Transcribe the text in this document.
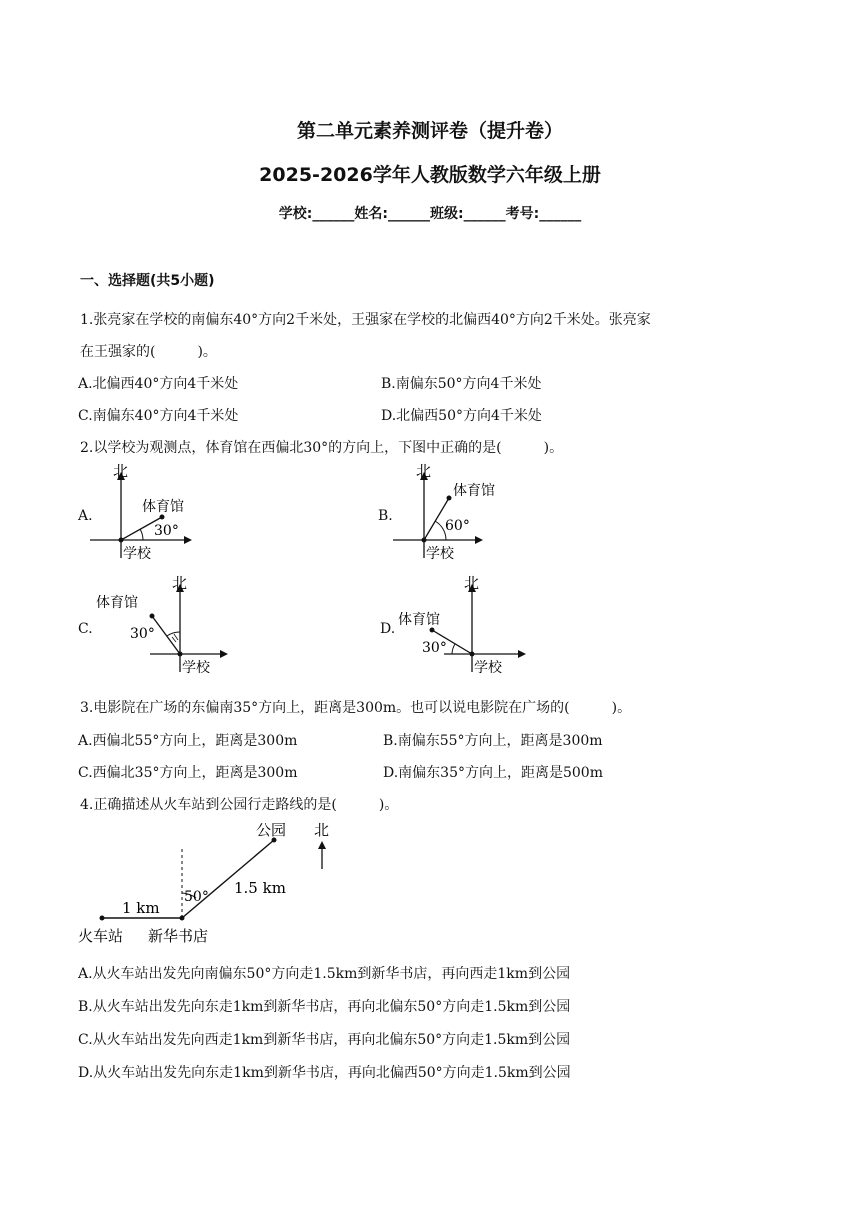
第二单元素养测评卷（提升卷）
2025-2026学年人教版数学六年级上册
学校:______姓名:______班级:______考号:______
一、选择题(共5小题)
1.张亮家在学校的南偏东40°方向2千米处，王强家在学校的北偏西40°方向2千米处。张亮家
在王强家的(　　　)。
A.北偏西40°方向4千米处	B.南偏东50°方向4千米处
C.南偏东40°方向4千米处	D.北偏西50°方向4千米处
2.以学校为观测点，体育馆在西偏北30°的方向上，下图中正确的是(　　　)。
A.	B.
C.	D.
北
体育馆
30°
学校
北
体育馆
60°
学校
北
体育馆
30°
学校
北
体育馆
30°
学校
3.电影院在广场的东偏南35°方向上，距离是300m。也可以说电影院在广场的(　　　)。
A.西偏北55°方向上，距离是300m	B.南偏东55°方向上，距离是300m
C.西偏北35°方向上，距离是300m	D.南偏东35°方向上，距离是500m
4.正确描述从火车站到公园行走路线的是(　　　)。
公园 北
50° 1.5 km
1 km
火车站 新华书店
A.从火车站出发先向南偏东50°方向走1.5km到新华书店，再向西走1km到公园
B.从火车站出发先向东走1km到新华书店，再向北偏东50°方向走1.5km到公园
C.从火车站出发先向西走1km到新华书店，再向北偏东50°方向走1.5km到公园
D.从火车站出发先向东走1km到新华书店，再向北偏西50°方向走1.5km到公园
